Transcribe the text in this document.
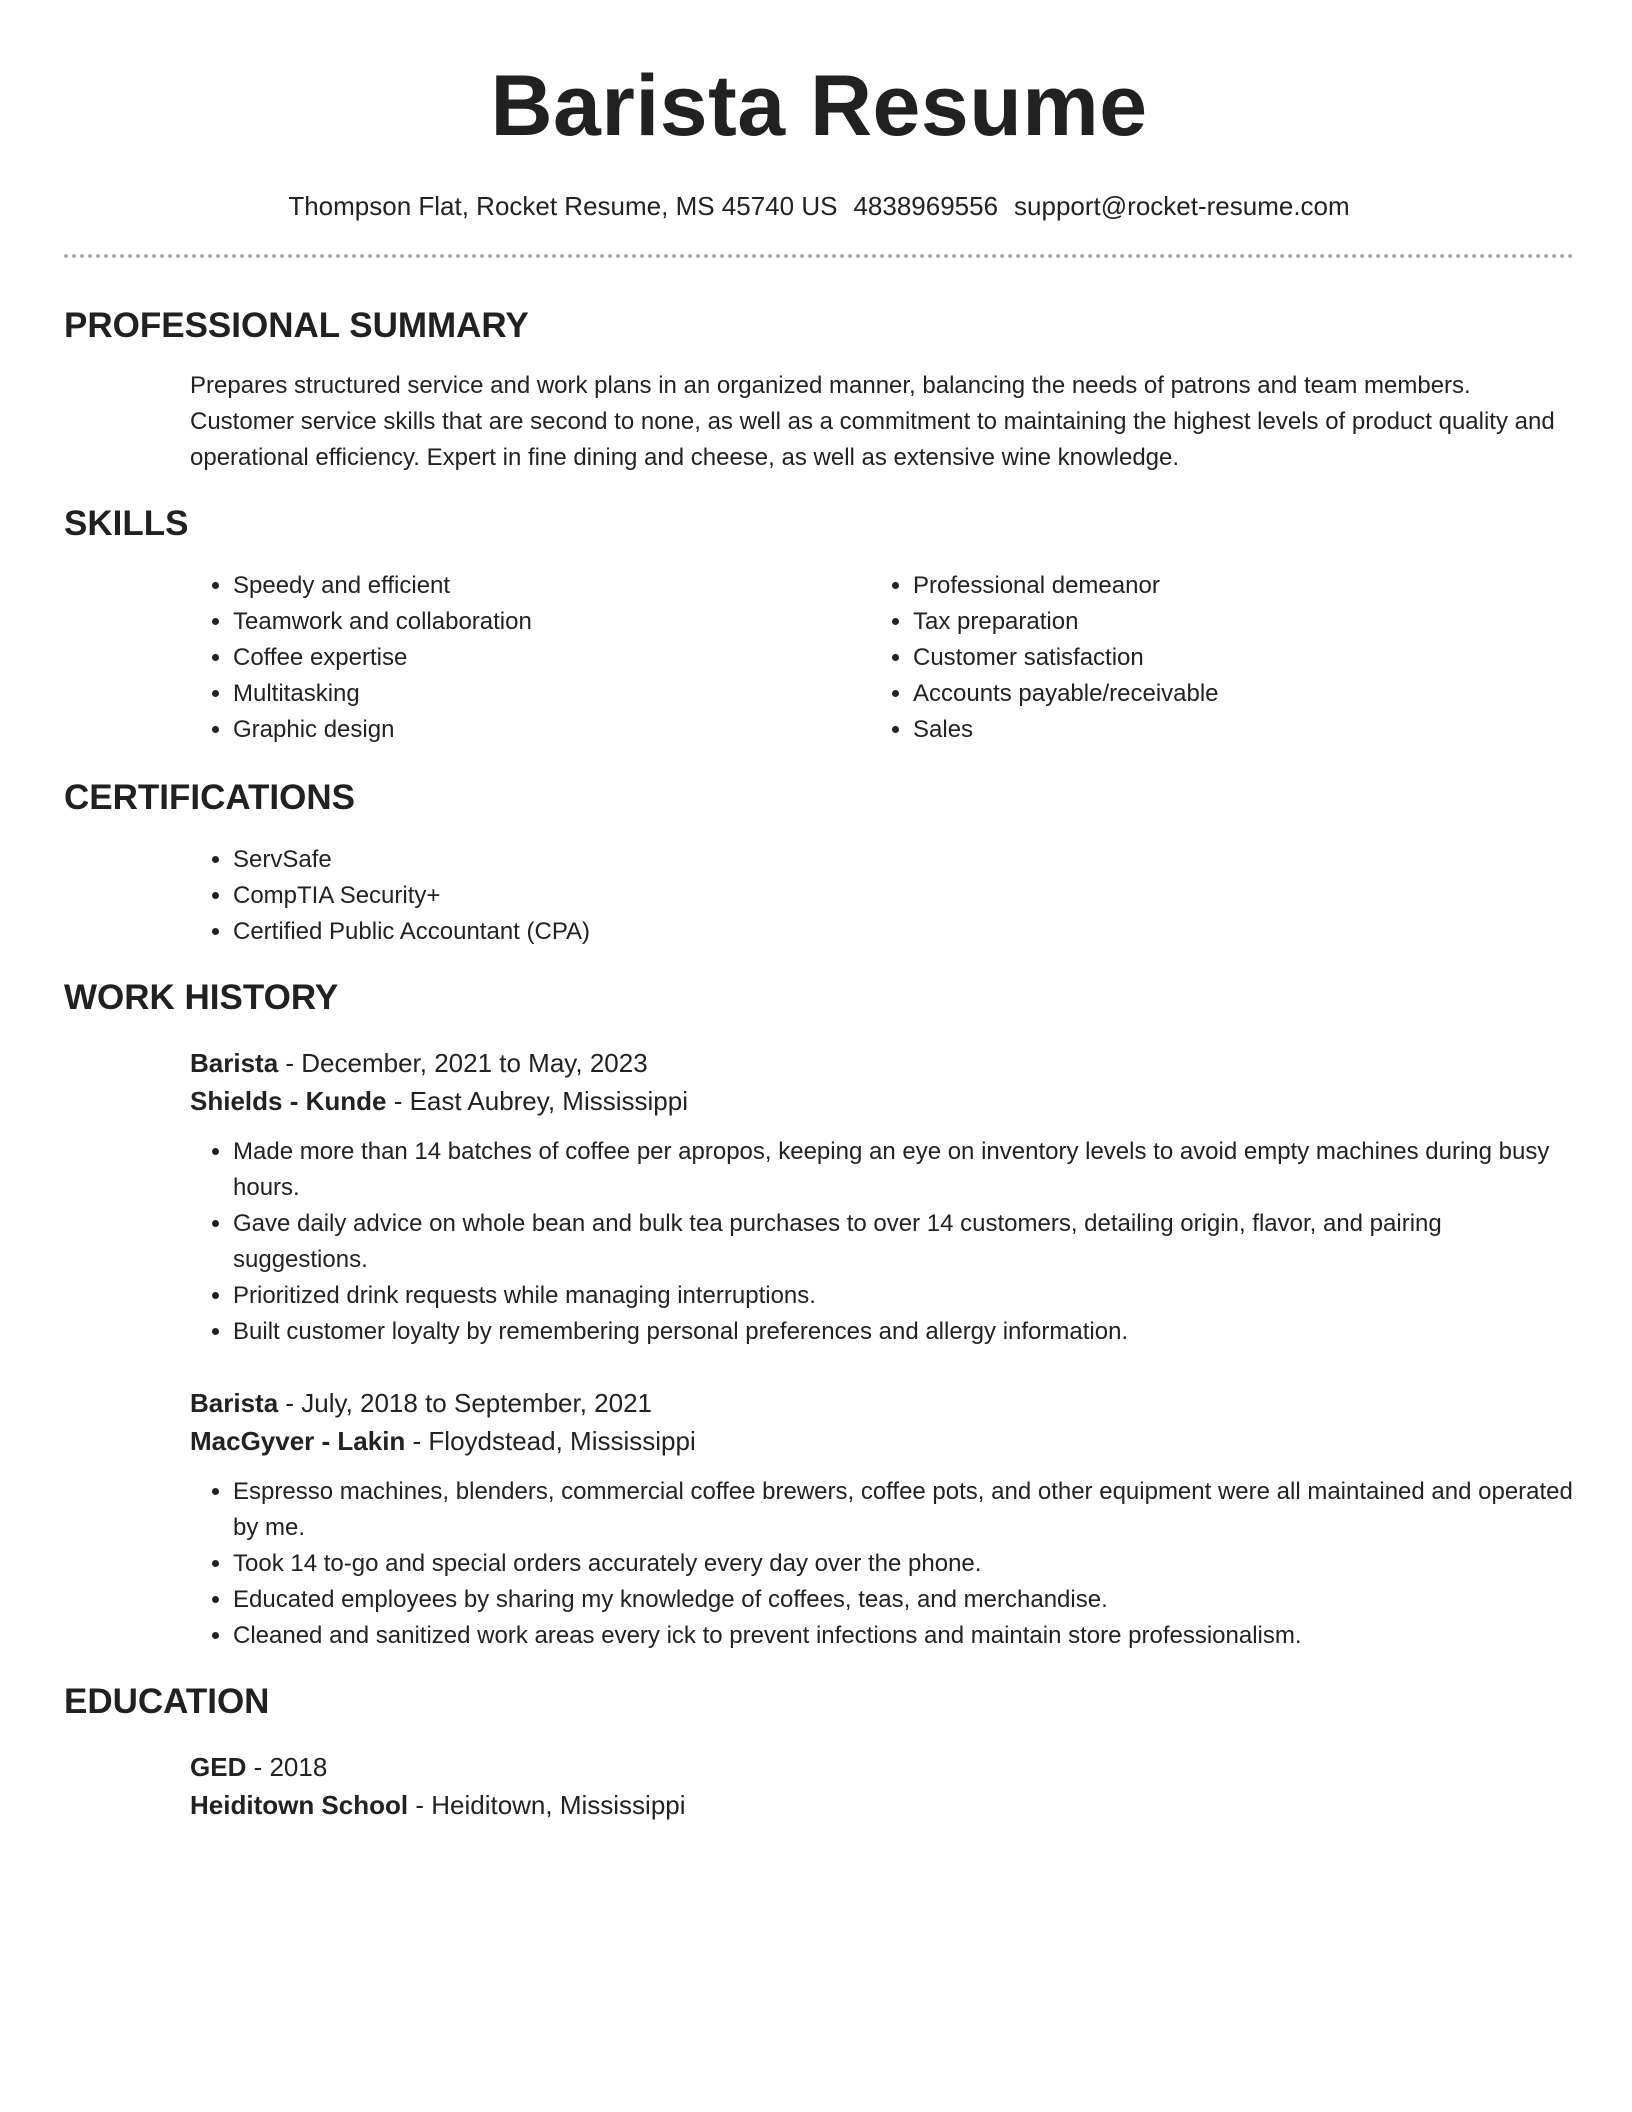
Barista Resume
Thompson Flat, Rocket Resume, MS 45740 US 4838969556 support@rocket-resume.com
PROFESSIONAL SUMMARY
Prepares structured service and work plans in an organized manner, balancing the needs of patrons and team members. Customer service skills that are second to none, as well as a commitment to maintaining the highest levels of product quality and operational efficiency. Expert in fine dining and cheese, as well as extensive wine knowledge.
SKILLS
• Speedy and efficient
• Teamwork and collaboration
• Coffee expertise
• Multitasking
• Graphic design
• Professional demeanor
• Tax preparation
• Customer satisfaction
• Accounts payable/receivable
• Sales
CERTIFICATIONS
• ServSafe
• CompTIA Security+
• Certified Public Accountant (CPA)
WORK HISTORY
Barista - December, 2021 to May, 2023
Shields - Kunde - East Aubrey, Mississippi
• Made more than 14 batches of coffee per apropos, keeping an eye on inventory levels to avoid empty machines during busy hours.
• Gave daily advice on whole bean and bulk tea purchases to over 14 customers, detailing origin, flavor, and pairing suggestions.
• Prioritized drink requests while managing interruptions.
• Built customer loyalty by remembering personal preferences and allergy information.
Barista - July, 2018 to September, 2021
MacGyver - Lakin - Floydstead, Mississippi
• Espresso machines, blenders, commercial coffee brewers, coffee pots, and other equipment were all maintained and operated by me.
• Took 14 to-go and special orders accurately every day over the phone.
• Educated employees by sharing my knowledge of coffees, teas, and merchandise.
• Cleaned and sanitized work areas every ick to prevent infections and maintain store professionalism.
EDUCATION
GED - 2018
Heiditown School - Heiditown, Mississippi
